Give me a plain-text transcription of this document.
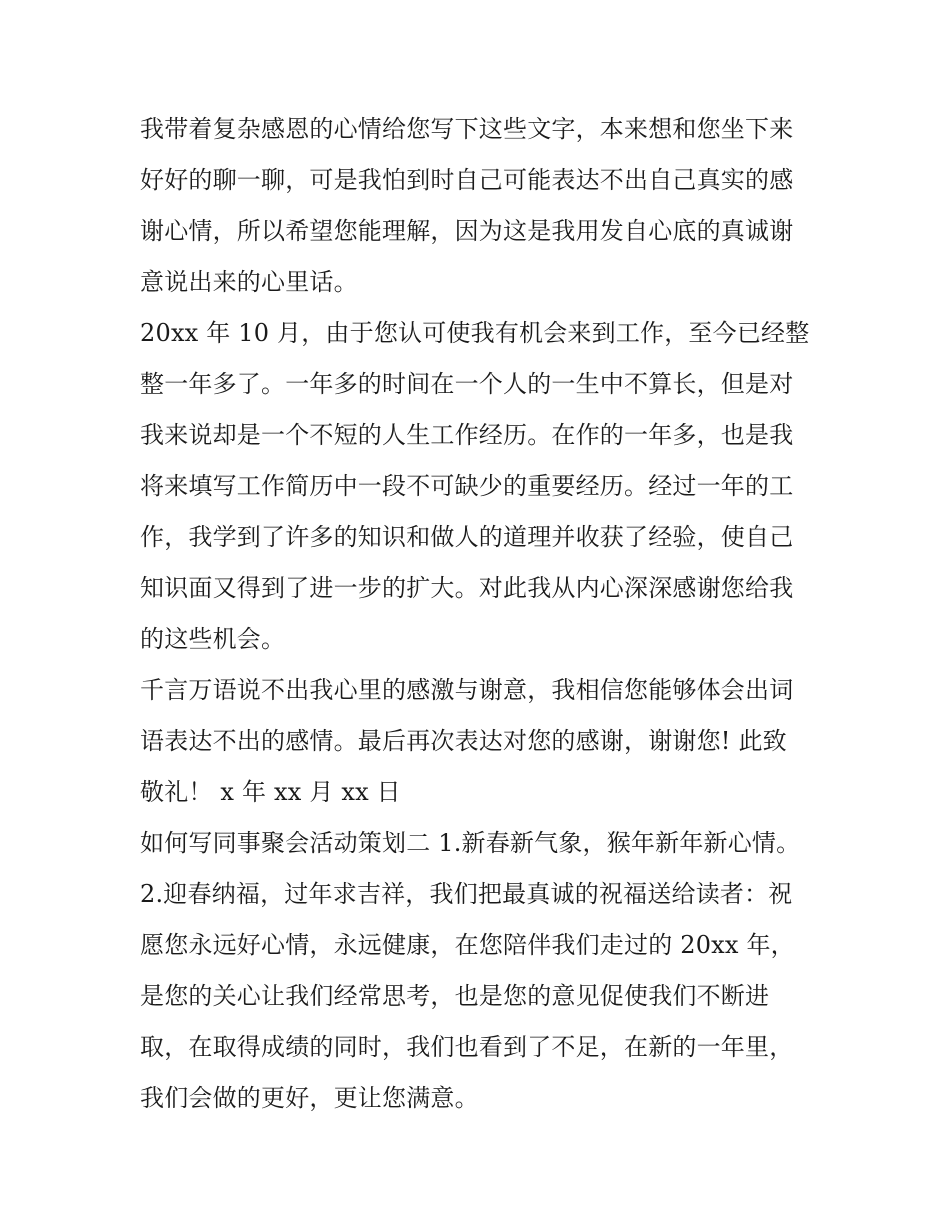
我带着复杂感恩的心情给您写下这些文字，本来想和您坐下来
好好的聊一聊，可是我怕到时自己可能表达不出自己真实的感
谢心情，所以希望您能理解，因为这是我用发自心底的真诚谢
意说出来的心里话。
20xx 年 10 月，由于您认可使我有机会来到工作，至今已经整
整一年多了。一年多的时间在一个人的一生中不算长，但是对
我来说却是一个不短的人生工作经历。在作的一年多，也是我
将来填写工作简历中一段不可缺少的重要经历。经过一年的工
作，我学到了许多的知识和做人的道理并收获了经验，使自己
知识面又得到了进一步的扩大。对此我从内心深深感谢您给我
的这些机会。
千言万语说不出我心里的感激与谢意，我相信您能够体会出词
语表达不出的感情。最后再次表达对您的感谢，谢谢您! 此致
敬礼！ x 年 xx 月 xx 日
如何写同事聚会活动策划二 1.新春新气象，猴年新年新心情。
2.迎春纳福，过年求吉祥，我们把最真诚的祝福送给读者：祝
愿您永远好心情，永远健康，在您陪伴我们走过的 20xx 年，
是您的关心让我们经常思考，也是您的意见促使我们不断进
取，在取得成绩的同时，我们也看到了不足，在新的一年里，
我们会做的更好，更让您满意。
